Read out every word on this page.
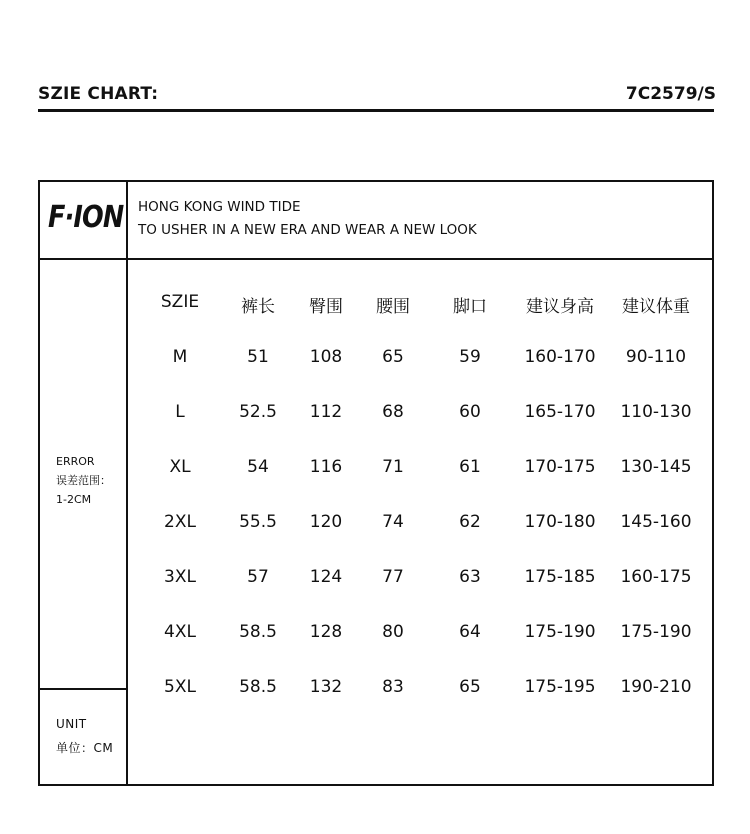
SZIE CHART:	7C2579/S
F·ION HONG KONG WIND TIDE
TO USHER IN A NEW ERA AND WEAR A NEW LOOK
ERROR
误差范围：
1-2CM
UNIT
单位：CM
SZIE	裤长	臀围	腰围	脚口	建议身高	建议体重
M	51	108	65	59	160-170	90-110
L	52.5	112	68	60	165-170	110-130
XL	54	116	71	61	170-175	130-145
2XL	55.5	120	74	62	170-180	145-160
3XL	57	124	77	63	175-185	160-175
4XL	58.5	128	80	64	175-190	175-190
5XL	58.5	132	83	65	175-195	190-210
